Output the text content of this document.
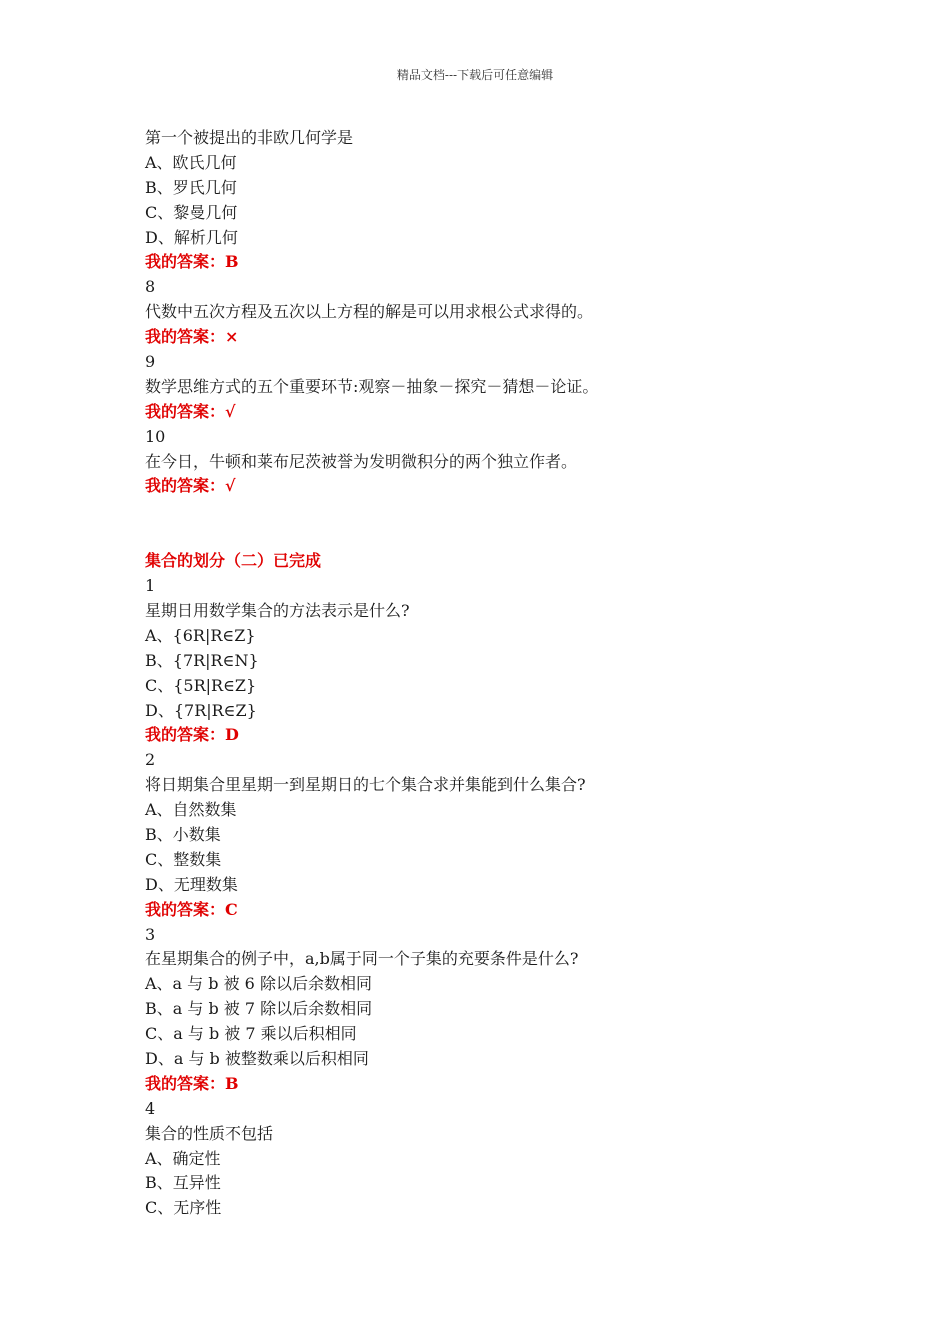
精品文档---下载后可任意编辑
第一个被提出的非欧几何学是
A、欧氏几何
B、罗氏几何
C、黎曼几何
D、解析几何
我的答案：B
8
代数中五次方程及五次以上方程的解是可以用求根公式求得的。
我的答案：×
9
数学思维方式的五个重要环节:观察－抽象－探究－猜想－论证。
我的答案：√
10
在今日，牛顿和莱布尼茨被誉为发明微积分的两个独立作者。
我的答案：√
集合的划分（二）已完成
1
星期日用数学集合的方法表示是什么?
A、{6R|R∈Z}
B、{7R|R∈N}
C、{5R|R∈Z}
D、{7R|R∈Z}
我的答案：D
2
将日期集合里星期一到星期日的七个集合求并集能到什么集合?
A、自然数集
B、小数集
C、整数集
D、无理数集
我的答案：C
3
在星期集合的例子中，a,b属于同一个子集的充要条件是什么?
A、a 与 b 被 6 除以后余数相同
B、a 与 b 被 7 除以后余数相同
C、a 与 b 被 7 乘以后积相同
D、a 与 b 被整数乘以后积相同
我的答案：B
4
集合的性质不包括
A、确定性
B、互异性
C、无序性
